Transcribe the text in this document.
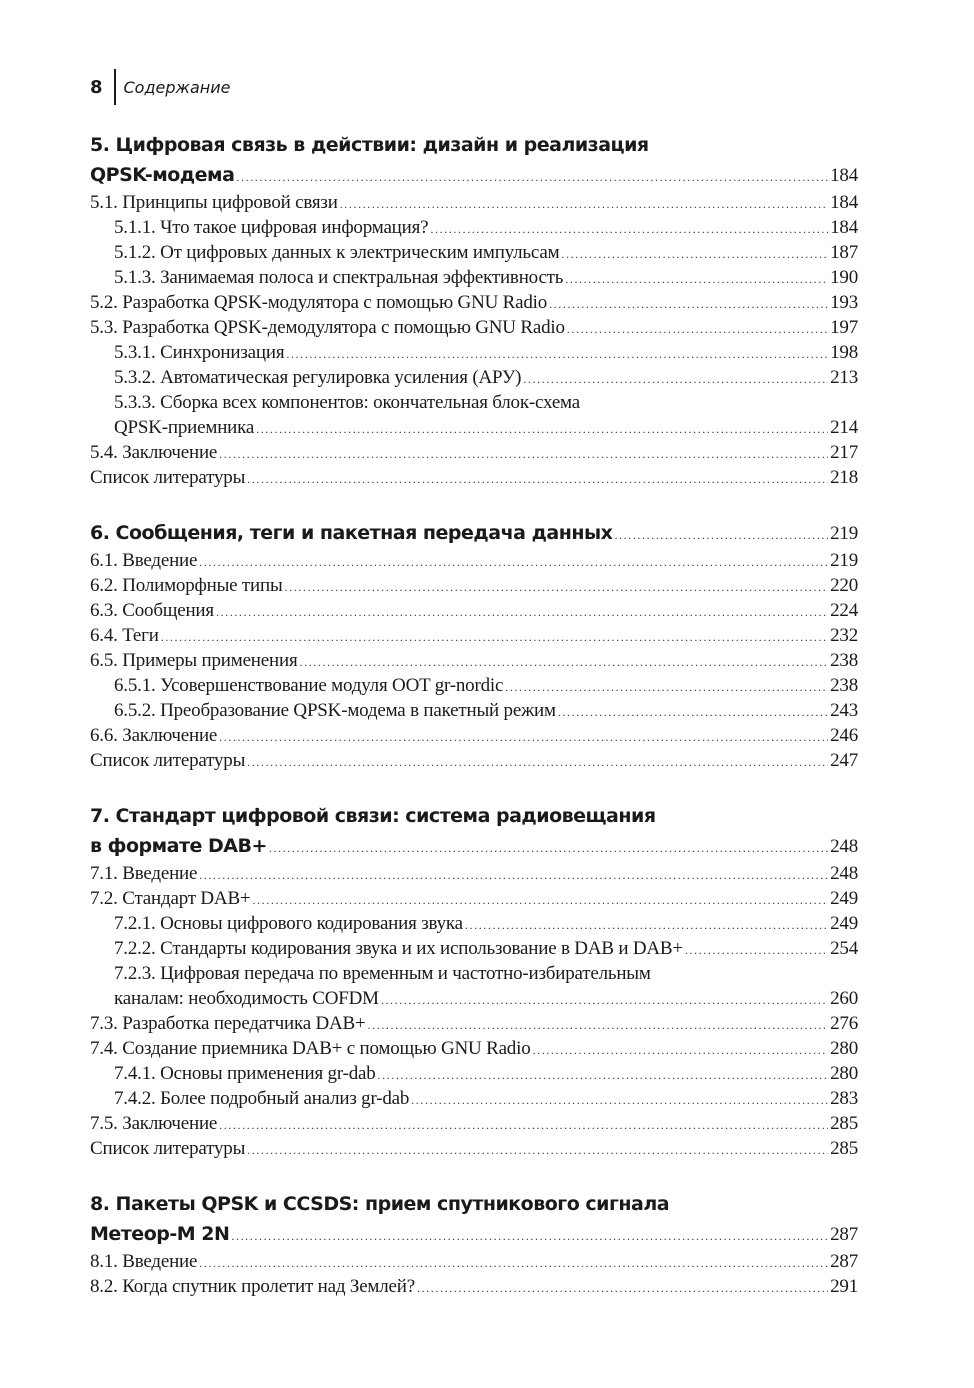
8	Содержание
5. Цифровая связь в действии: дизайн и реализация
QPSK-модема .....	184
5.1. Принципы цифровой связи .....	184
5.1.1. Что такое цифровая информация? .....	184
5.1.2. От цифровых данных к электрическим импульсам .....	187
5.1.3. Занимаемая полоса и спектральная эффективность .....	190
5.2. Разработка QPSK-модулятора с помощью GNU Radio .....	193
5.3. Разработка QPSK-демодулятора с помощью GNU Radio .....	197
5.3.1. Синхронизация .....	198
5.3.2. Автоматическая регулировка усиления (АРУ) .....	213
5.3.3. Сборка всех компонентов: окончательная блок-схема
QPSK-приемника .....	214
5.4. Заключение .....	217
Список литературы .....	218
6. Сообщения, теги и пакетная передача данных .....	219
6.1. Введение .....	219
6.2. Полиморфные типы .....	220
6.3. Сообщения .....	224
6.4. Теги .....	232
6.5. Примеры применения .....	238
6.5.1. Усовершенствование модуля OOT gr-nordic .....	238
6.5.2. Преобразование QPSK-модема в пакетный режим .....	243
6.6. Заключение .....	246
Список литературы .....	247
7. Стандарт цифровой связи: система радиовещания
в формате DAB+ .....	248
7.1. Введение .....	248
7.2. Стандарт DAB+ .....	249
7.2.1. Основы цифрового кодирования звука .....	249
7.2.2. Стандарты кодирования звука и их использование в DAB и DAB+ .....	254
7.2.3. Цифровая передача по временным и частотно-избирательным
каналам: необходимость COFDM .....	260
7.3. Разработка передатчика DAB+ .....	276
7.4. Создание приемника DAB+ с помощью GNU Radio .....	280
7.4.1. Основы применения gr-dab .....	280
7.4.2. Более подробный анализ gr-dab .....	283
7.5. Заключение .....	285
Список литературы .....	285
8. Пакеты QPSK и CCSDS: прием спутникового сигнала
Метеор-М 2N .....	287
8.1. Введение .....	287
8.2. Когда спутник пролетит над Землей? .....	291
